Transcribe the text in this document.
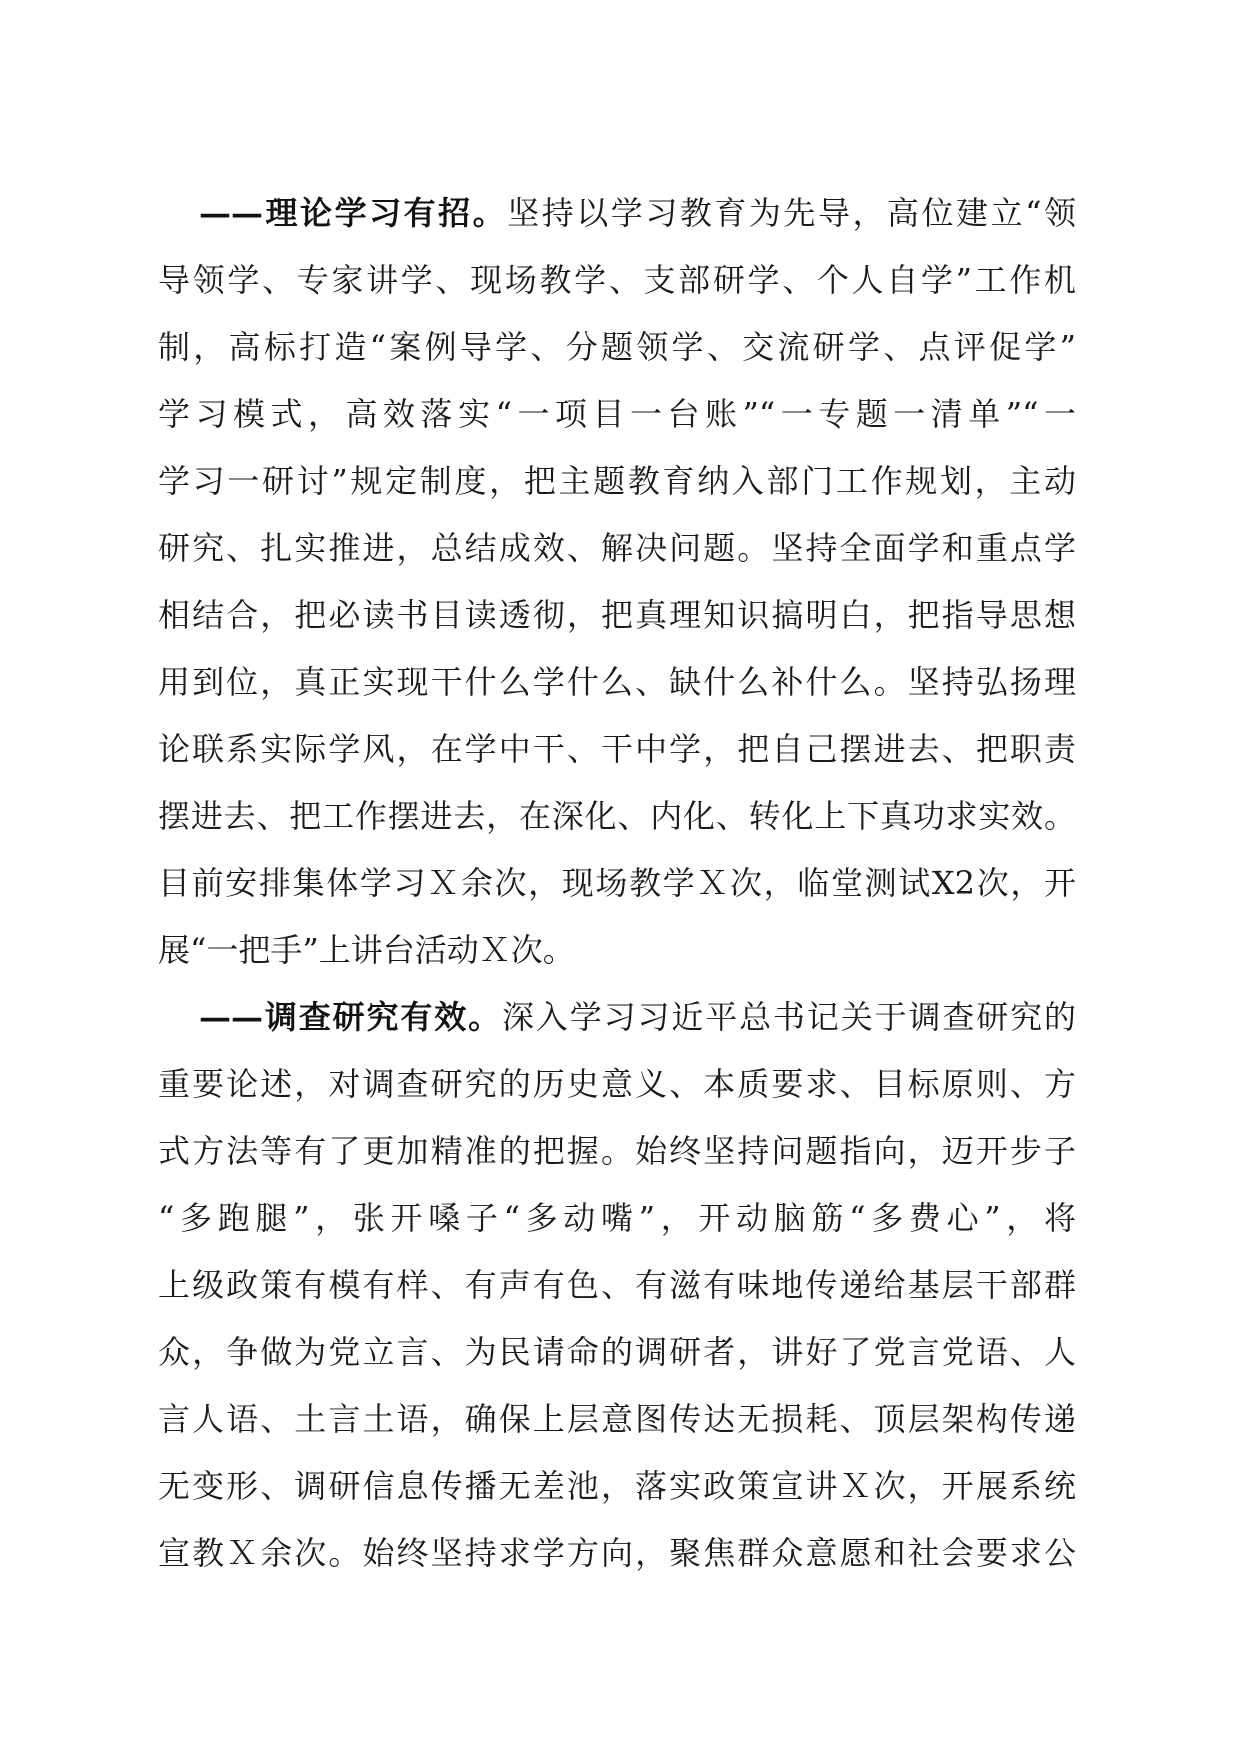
——理论学习有招。坚持以学习教育为先导，高位建立“领
导领学、专家讲学、现场教学、支部研学、个人自学”工作机
制，高标打造“案例导学、分题领学、交流研学、点评促学”
学习模式，高效落实“一项目一台账”“一专题一清单”“一
学习一研讨”规定制度，把主题教育纳入部门工作规划，主动
研究、扎实推进，总结成效、解决问题。坚持全面学和重点学
相结合，把必读书目读透彻，把真理知识搞明白，把指导思想
用到位，真正实现干什么学什么、缺什么补什么。坚持弘扬理
论联系实际学风，在学中干、干中学，把自己摆进去、把职责
摆进去、把工作摆进去，在深化、内化、转化上下真功求实效。
目前安排集体学习Ｘ余次，现场教学Ｘ次，临堂测试X2次，开
展“一把手”上讲台活动Ｘ次。
——调查研究有效。深入学习习近平总书记关于调查研究的
重要论述，对调查研究的历史意义、本质要求、目标原则、方
式方法等有了更加精准的把握。始终坚持问题指向，迈开步子
“多跑腿”，张开嗓子“多动嘴”，开动脑筋“多费心”，将
上级政策有模有样、有声有色、有滋有味地传递给基层干部群
众，争做为党立言、为民请命的调研者，讲好了党言党语、人
言人语、土言土语，确保上层意图传达无损耗、顶层架构传递
无变形、调研信息传播无差池，落实政策宣讲Ｘ次，开展系统
宣教Ｘ余次。始终坚持求学方向，聚焦群众意愿和社会要求公
